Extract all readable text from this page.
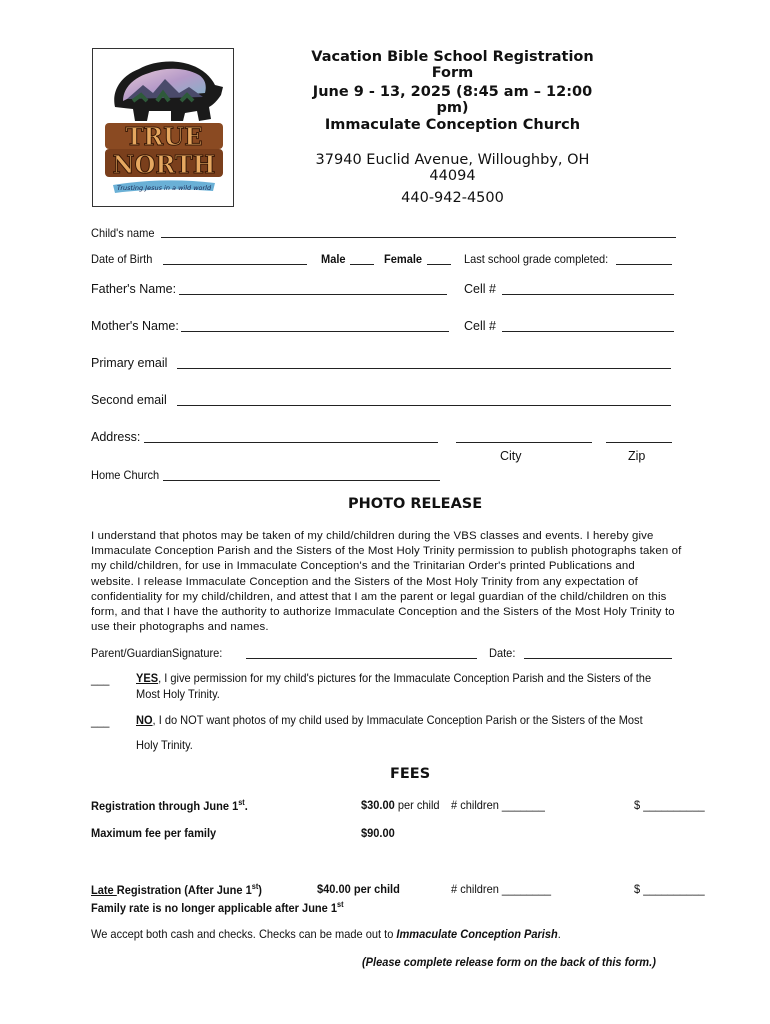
TRUE
NORTH
Trusting Jesus in a wild world
Vacation Bible School Registration Form
June 9 - 13, 2025 (8:45 am – 12:00 pm)
Immaculate Conception Church
37940 Euclid Avenue, Willoughby, OH 44094
440-942-4500
Child's name
Date of Birth	Male	Female	Last school grade completed:
Father's Name:	Cell #
Mother's Name:	Cell #
Primary email
Second email
Address:
City	Zip
Home Church
PHOTO RELEASE
I understand that photos may be taken of my child/children during the VBS classes and events. I hereby give
Immaculate Conception Parish and the Sisters of the Most Holy Trinity permission to publish photographs taken of
my child/children, for use in Immaculate Conception's and the Trinitarian Order's printed Publications and
website. I release Immaculate Conception and the Sisters of the Most Holy Trinity from any expectation of
confidentiality for my child/children, and attest that I am the parent or legal guardian of the child/children on this
form, and that I have the authority to authorize Immaculate Conception and the Sisters of the Most Holy Trinity to
use their photographs and names.
Parent/GuardianSignature:	Date:
___ YES, I give permission for my child's pictures for the Immaculate Conception Parish and the Sisters of the
Most Holy Trinity.
___ NO, I do NOT want photos of my child used by Immaculate Conception Parish or the Sisters of the Most
Holy Trinity.
FEES
Registration through June 1st.	$30.00 per child # children _______	$ __________
Maximum fee per family	$90.00
Late Registration (After June 1st)	$40.00 per child	# children ________	$ __________
Family rate is no longer applicable after June 1st
We accept both cash and checks. Checks can be made out to Immaculate Conception Parish.
(Please complete release form on the back of this form.)
